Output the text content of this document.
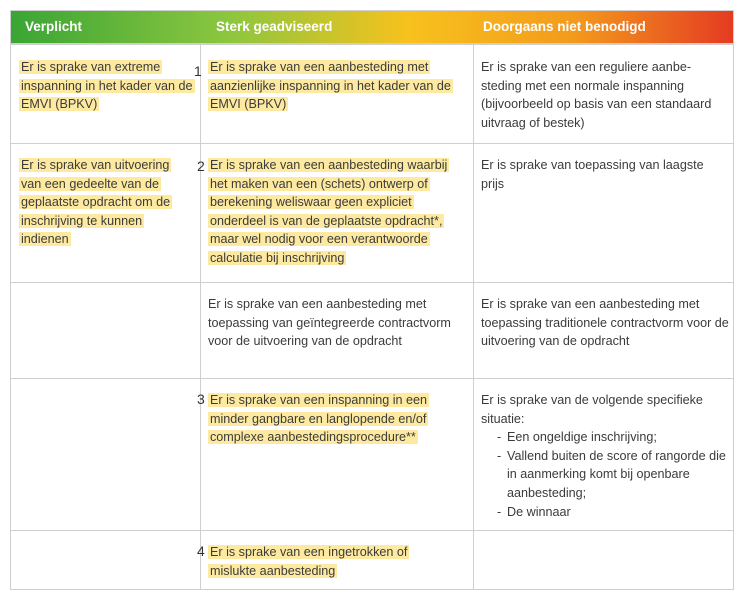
Verplicht	Sterk geadviseerd	Doorgaans niet benodigd
Er is sprake van extreme inspanning in het kader van de EMVI (BPKV)
1 Er is sprake van een aanbesteding met aanzienlijke inspanning in het kader van de EMVI (BPKV)
Er is sprake van een reguliere aanbe- steding met een normale inspanning (bijvoorbeeld op basis van een standaard uitvraag of bestek)
Er is sprake van uitvoering van een gedeelte van de geplaatste opdracht om de inschrijving te kunnen indienen
2 Er is sprake van een aanbesteding waarbij het maken van een (schets) ontwerp of berekening weliswaar geen expliciet onderdeel is van de geplaatste opdracht*, maar wel nodig voor een verantwoorde calculatie bij inschrijving
Er is sprake van toepassing van laagste prijs
Er is sprake van een aanbesteding met toepassing van geïntegreerde contractvorm voor de uitvoering van de opdracht
Er is sprake van een aanbesteding met toepassing traditionele contractvorm voor de uitvoering van de opdracht
3 Er is sprake van een inspanning in een minder gangbare en langlopende en/of complexe aanbestedingsprocedure**
Er is sprake van de volgende specifieke situatie:
- Een ongeldige inschrijving;
- Vallend buiten de score of rangorde die in aanmerking komt bij openbare aanbesteding;
- De winnaar
4 Er is sprake van een ingetrokken of mislukte aanbesteding
